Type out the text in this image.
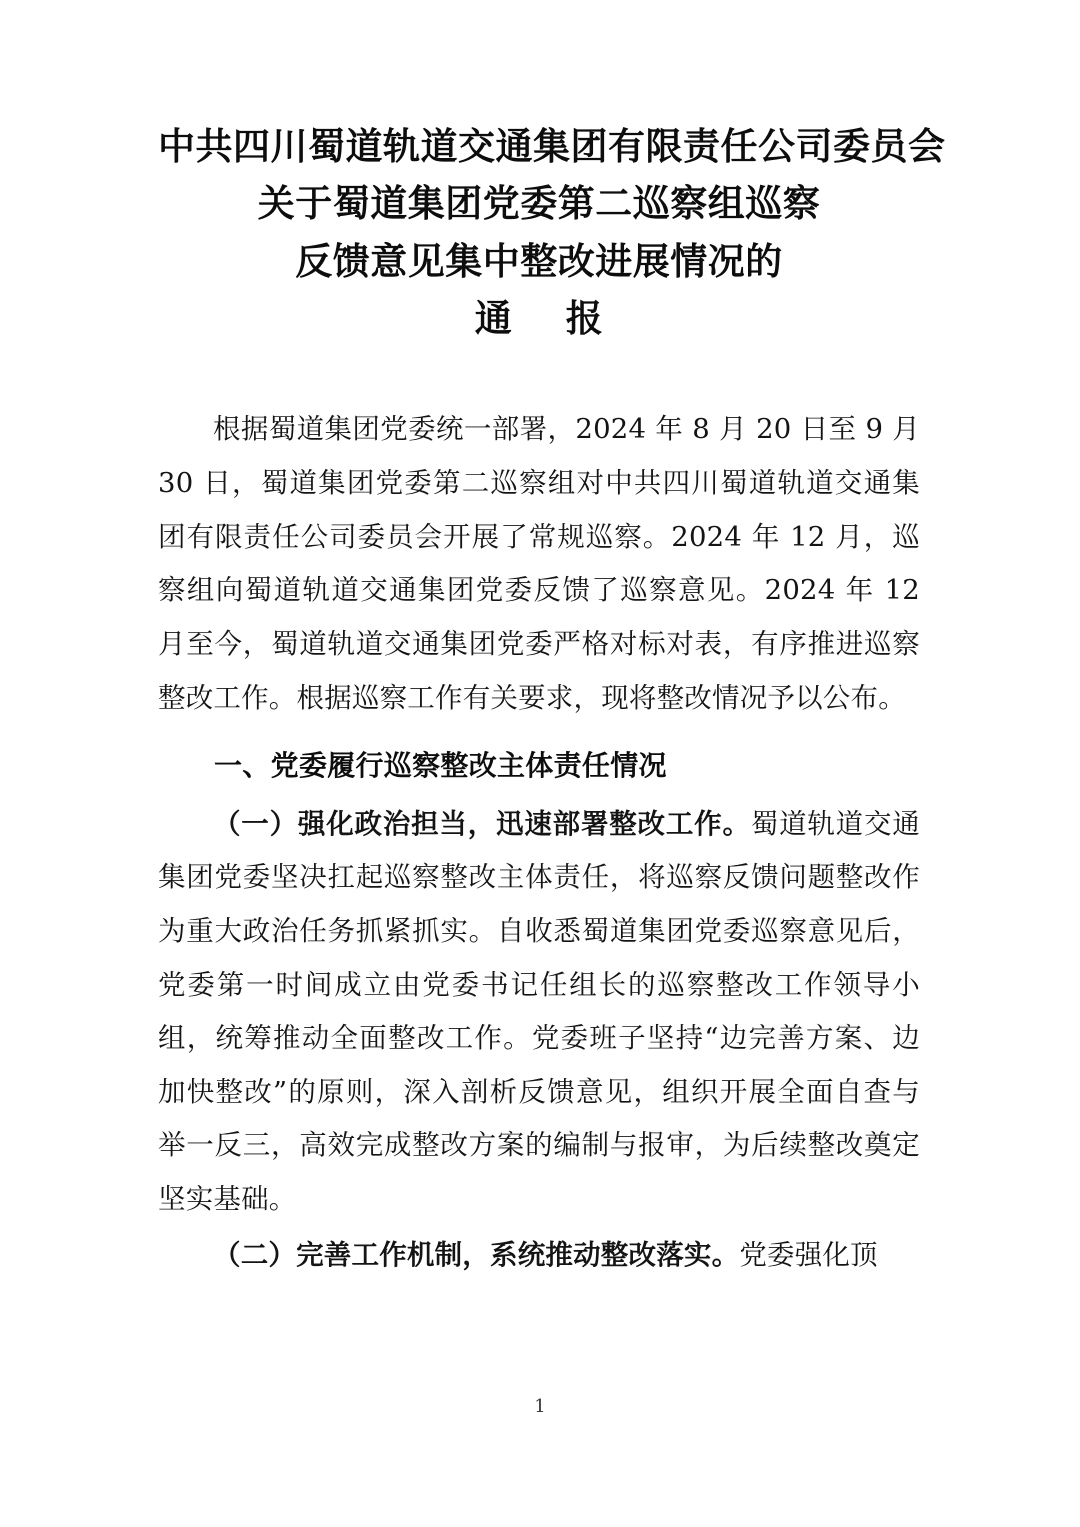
中共四川蜀道轨道交通集团有限责任公司委员会
关于蜀道集团党委第二巡察组巡察
反馈意见集中整改进展情况的
通    报

根据蜀道集团党委统一部署，2024 年 8 月 20 日至 9 月 30 日，蜀道集团党委第二巡察组对中共四川蜀道轨道交通集团有限责任公司委员会开展了常规巡察。2024 年 12 月，巡察组向蜀道轨道交通集团党委反馈了巡察意见。2024 年 12 月至今，蜀道轨道交通集团党委严格对标对表，有序推进巡察整改工作。根据巡察工作有关要求，现将整改情况予以公布。

一、党委履行巡察整改主体责任情况

（一）强化政治担当，迅速部署整改工作。蜀道轨道交通集团党委坚决扛起巡察整改主体责任，将巡察反馈问题整改作为重大政治任务抓紧抓实。自收悉蜀道集团党委巡察意见后，党委第一时间成立由党委书记任组长的巡察整改工作领导小组，统筹推动全面整改工作。党委班子坚持“边完善方案、边加快整改”的原则，深入剖析反馈意见，组织开展全面自查与举一反三，高效完成整改方案的编制与报审，为后续整改奠定坚实基础。

（二）完善工作机制，系统推动整改落实。党委强化顶

1
